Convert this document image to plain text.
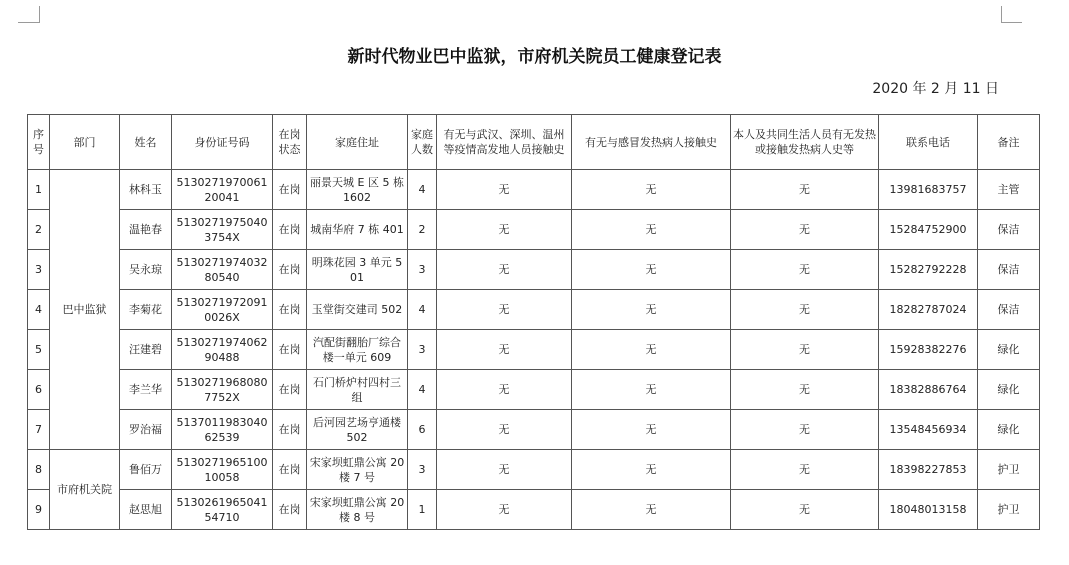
新时代物业巴中监狱，市府机关院员工健康登记表
2020 年 2 月 11 日
序号	部门	姓名	身份证号码	在岗状态	家庭住址	家庭人数	有无与武汉、深圳、温州等疫情高发地人员接触史	有无与感冒发热病人接触史	本人及共同生活人员有无发热或接触发热病人史等	联系电话	备注
1	巴中监狱	林科玉	513027197006120041	在岗	丽景天城 E 区 5 栋 1602	4	无	无	无	13981683757	主管
2		温艳春	51302719750403754X	在岗	城南华府 7 栋 401	2	无	无	无	15284752900	保洁
3		吴永琼	513027197403280540	在岗	明珠花园 3 单元 501	3	无	无	无	15282792228	保洁
4		李菊花	51302719720910026X	在岗	玉堂街交建司 502	4	无	无	无	18282787024	保洁
5		汪建碧	513027197406290488	在岗	汽配街翻胎厂综合楼一单元 609	3	无	无	无	15928382276	绿化
6		李兰华	51302719680807752X	在岗	石门桥炉村四村三组	4	无	无	无	18382886764	绿化
7		罗治福	513701198304062539	在岗	后河园艺场亨通楼 502	6	无	无	无	13548456934	绿化
8	市府机关院	鲁佰万	513027196510010058	在岗	宋家坝虹鼎公寓 20 楼 7 号	3	无	无	无	18398227853	护卫
9		赵思旭	513026196504154710	在岗	宋家坝虹鼎公寓 20 楼 8 号	1	无	无	无	18048013158	护卫
